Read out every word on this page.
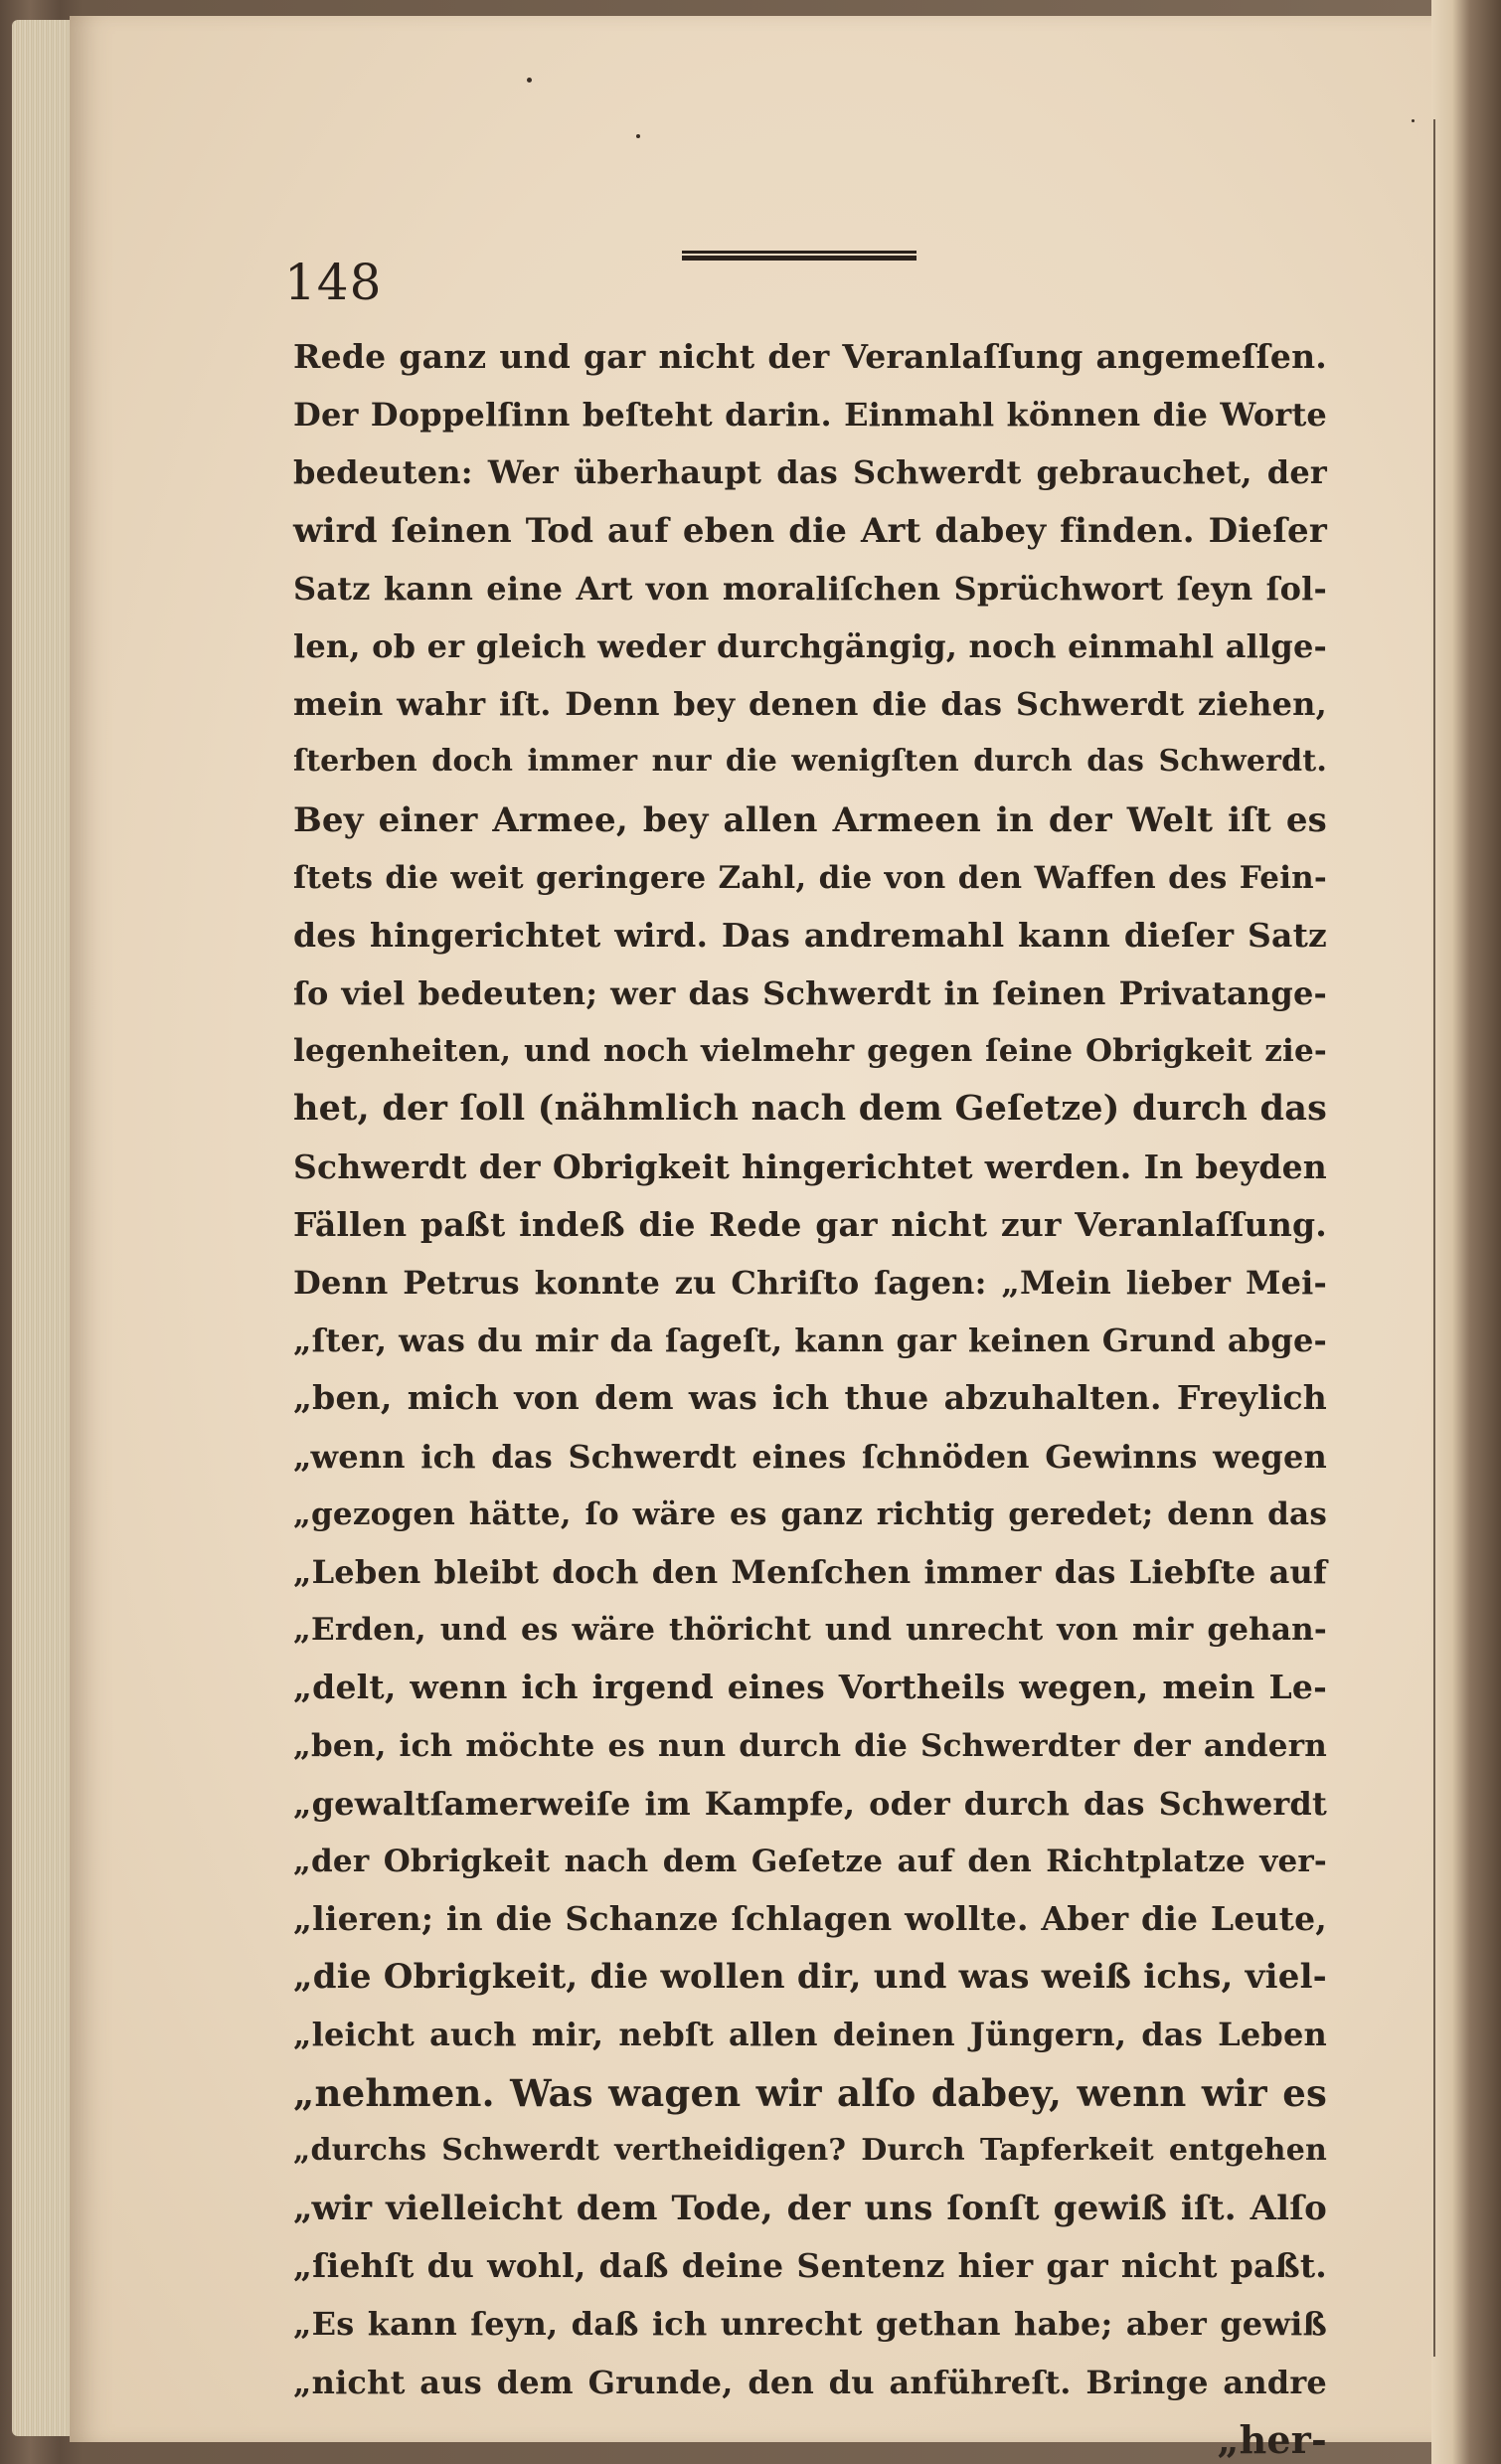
148
Rede ganz und gar nicht der Veranlaſſung angemeſſen.
Der Doppelſinn beſteht darin. Einmahl können die Worte
bedeuten: Wer überhaupt das Schwerdt gebrauchet, der
wird ſeinen Tod auf eben die Art dabey finden. Dieſer
Satz kann eine Art von moraliſchen Sprüchwort ſeyn ſol-
len, ob er gleich weder durchgängig, noch einmahl allge-
mein wahr iſt. Denn bey denen die das Schwerdt ziehen,
ſterben doch immer nur die wenigſten durch das Schwerdt.
Bey einer Armee, bey allen Armeen in der Welt iſt es
ſtets die weit geringere Zahl, die von den Waffen des Fein-
des hingerichtet wird. Das andremahl kann dieſer Satz
ſo viel bedeuten; wer das Schwerdt in ſeinen Privatange-
legenheiten, und noch vielmehr gegen ſeine Obrigkeit zie-
het, der ſoll (nähmlich nach dem Geſetze) durch das
Schwerdt der Obrigkeit hingerichtet werden. In beyden
Fällen paßt indeß die Rede gar nicht zur Veranlaſſung.
Denn Petrus konnte zu Chriſto ſagen: „Mein lieber Mei-
„ſter, was du mir da ſageſt, kann gar keinen Grund abge-
„ben, mich von dem was ich thue abzuhalten. Freylich
„wenn ich das Schwerdt eines ſchnöden Gewinns wegen
„gezogen hätte, ſo wäre es ganz richtig geredet; denn das
„Leben bleibt doch den Menſchen immer das Liebſte auf
„Erden, und es wäre thöricht und unrecht von mir gehan-
„delt, wenn ich irgend eines Vortheils wegen, mein Le-
„ben, ich möchte es nun durch die Schwerdter der andern
„gewaltſamerweiſe im Kampfe, oder durch das Schwerdt
„der Obrigkeit nach dem Geſetze auf den Richtplatze ver-
„lieren; in die Schanze ſchlagen wollte. Aber die Leute,
„die Obrigkeit, die wollen dir, und was weiß ichs, viel-
„leicht auch mir, nebſt allen deinen Jüngern, das Leben
„nehmen. Was wagen wir alſo dabey, wenn wir es
„durchs Schwerdt vertheidigen? Durch Tapferkeit entgehen
„wir vielleicht dem Tode, der uns ſonſt gewiß iſt. Alſo
„ſiehſt du wohl, daß deine Sentenz hier gar nicht paßt.
„Es kann ſeyn, daß ich unrecht gethan habe; aber gewiß
„nicht aus dem Grunde, den du anführeſt. Bringe andre
„her-
